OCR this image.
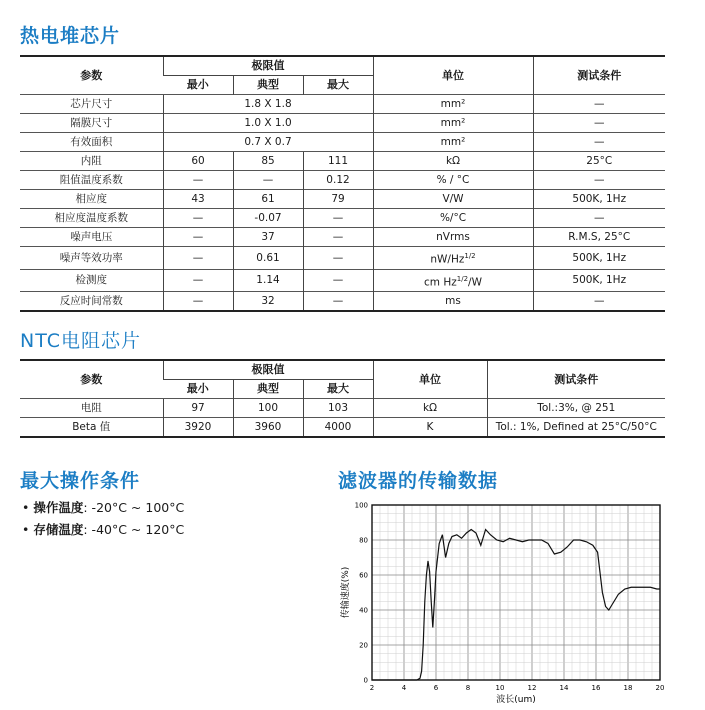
热电堆芯片
参数	极限值			单位	测试条件
	最小	典型	最大		
芯片尺寸	1.8 X 1.8			mm²	—
隔膜尺寸	1.0 X 1.0			mm²	—
有效面积	0.7 X 0.7			mm²	—
内阻	60	85	111	kΩ	25°C
阻值温度系数	—	—	0.12	% / °C	—
相应度	43	61	79	V/W	500K, 1Hz
相应度温度系数	—	-0.07	—	%/°C	—
噪声电压	—	37	—	nVrms	R.M.S, 25°C
噪声等效功率	—	0.61	—	$nW/Hz^{1/2}$	500K, 1Hz
检测度	—	1.14	—	cm $Hz^{1/2}/W$	500K, 1Hz
反应时间常数	—	32	—	ms	—
NTC电阻芯片
参数	极限值			单位	测试条件
	最小	典型	最大		
电阻	97	100	103	kΩ	Tol.:3%, @ 251
Beta 值	3920	3960	4000	K	Tol.: 1%, Defined at 25°C/50°C
最大操作条件
• 操作温度: -20°C ~ 100°C
• 存储温度: -40°C ~ 120°C
滤波器的传输数据
2	4	6	8	10	12	14	16	18	20
0
20
40
60
80
100
波长(um)
传输速度(%)
